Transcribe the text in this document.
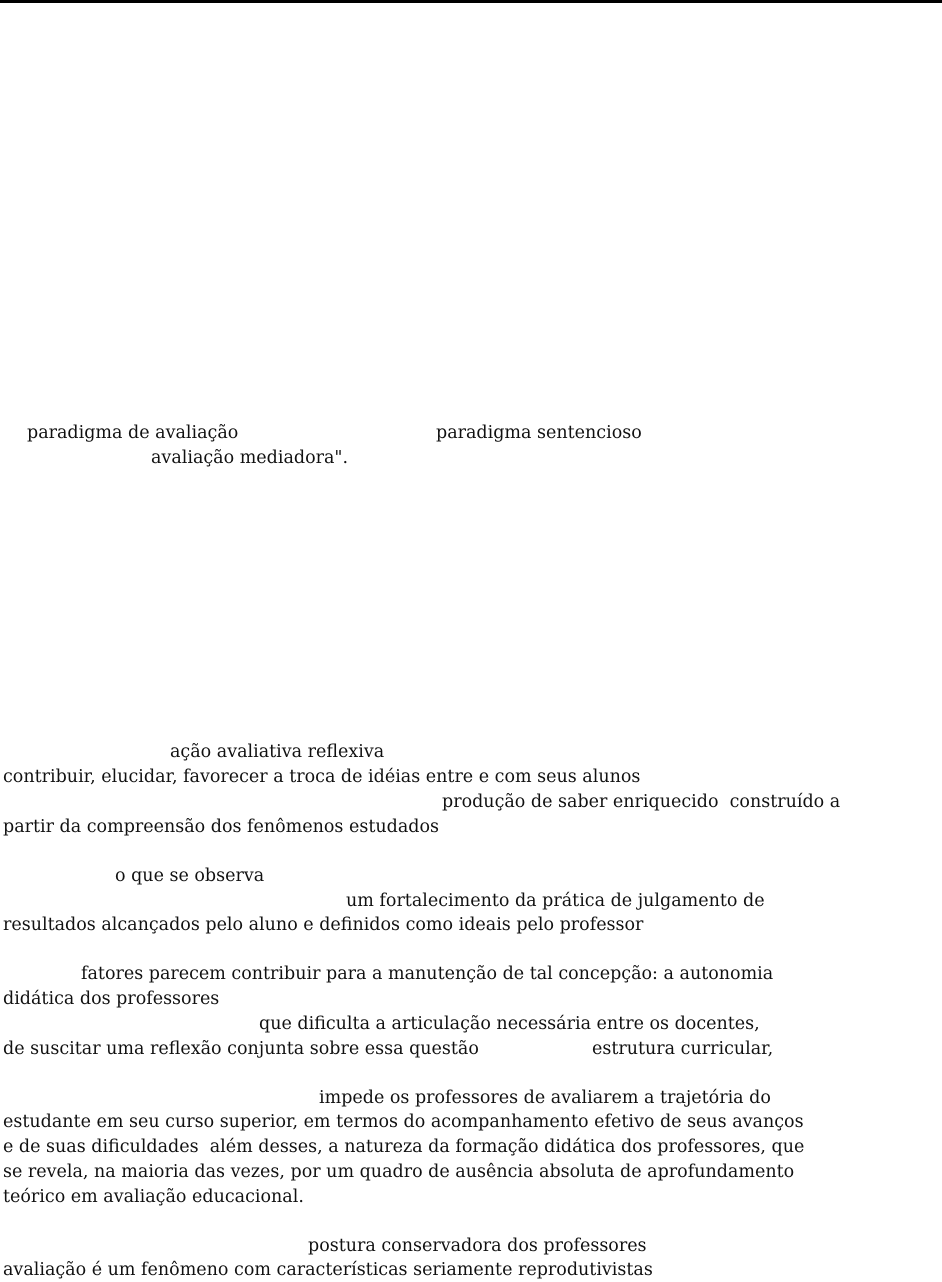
paradigma de avaliação	paradigma sentencioso
avaliação mediadora".
ação avaliativa reflexiva
contribuir, elucidar, favorecer a troca de idéias entre e com seus alunos
produção de saber enriquecido  construído a
partir da compreensão dos fenômenos estudados
o que se observa
um fortalecimento da prática de julgamento de
resultados alcançados pelo aluno e definidos como ideais pelo professor
fatores parecem contribuir para a manutenção de tal concepção: a autonomia
didática dos professores
que dificulta a articulação necessária entre os docentes,
de suscitar uma reflexão conjunta sobre essa questão	estrutura curricular,
impede os professores de avaliarem a trajetória do
estudante em seu curso superior, em termos do acompanhamento efetivo de seus avanços
e de suas dificuldades  além desses, a natureza da formação didática dos professores, que
se revela, na maioria das vezes, por um quadro de ausência absoluta de aprofundamento
teórico em avaliação educacional.
postura conservadora dos professores
avaliação é um fenômeno com características seriamente reprodutivistas
